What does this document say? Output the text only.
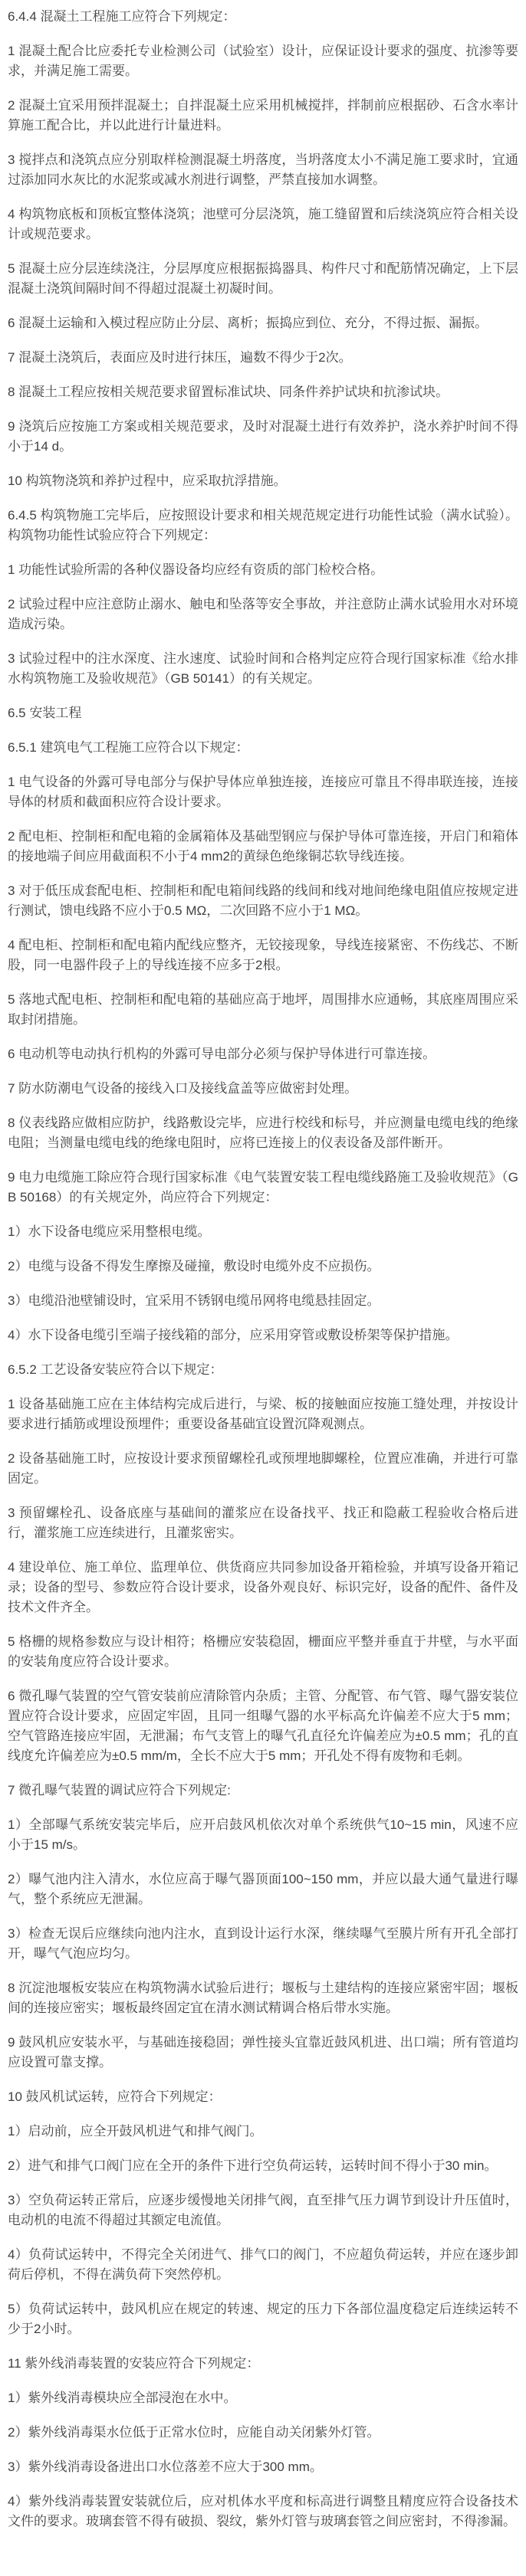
6.4.4 混凝土工程施工应符合下列规定：

1 混凝土配合比应委托专业检测公司（试验室）设计，应保证设计要求的强度、抗渗等要求，并满足施工需要。

2 混凝土宜采用预拌混凝土；自拌混凝土应采用机械搅拌，拌制前应根据砂、石含水率计算施工配合比，并以此进行计量进料。

3 搅拌点和浇筑点应分别取样检测混凝土坍落度，当坍落度太小不满足施工要求时，宜通过添加同水灰比的水泥浆或减水剂进行调整，严禁直接加水调整。

4 构筑物底板和顶板宜整体浇筑；池壁可分层浇筑，施工缝留置和后续浇筑应符合相关设计或规范要求。

5 混凝土应分层连续浇注，分层厚度应根据振捣器具、构件尺寸和配筋情况确定，上下层混凝土浇筑间隔时间不得超过混凝土初凝时间。

6 混凝土运输和入模过程应防止分层、离析；振捣应到位、充分，不得过振、漏振。

7 混凝土浇筑后，表面应及时进行抹压，遍数不得少于2次。

8 混凝土工程应按相关规范要求留置标准试块、同条件养护试块和抗渗试块。

9 浇筑后应按施工方案或相关规范要求，及时对混凝土进行有效养护，浇水养护时间不得小于14 d。

10 构筑物浇筑和养护过程中，应采取抗浮措施。

6.4.5 构筑物施工完毕后，应按照设计要求和相关规范规定进行功能性试验（满水试验）。构筑物功能性试验应符合下列规定：

1 功能性试验所需的各种仪器设备均应经有资质的部门检校合格。

2 试验过程中应注意防止溺水、触电和坠落等安全事故，并注意防止满水试验用水对环境造成污染。

3 试验过程中的注水深度、注水速度、试验时间和合格判定应符合现行国家标准《给水排水构筑物施工及验收规范》（GB 50141）的有关规定。

6.5 安装工程

6.5.1 建筑电气工程施工应符合以下规定：

1 电气设备的外露可导电部分与保护导体应单独连接，连接应可靠且不得串联连接，连接导体的材质和截面积应符合设计要求。

2 配电柜、控制柜和配电箱的金属箱体及基础型钢应与保护导体可靠连接，开启门和箱体的接地端子间应用截面积不小于4 mm2的黄绿色绝缘铜芯软导线连接。

3 对于低压成套配电柜、控制柜和配电箱间线路的线间和线对地间绝缘电阻值应按规定进行测试，馈电线路不应小于0.5 MΩ，二次回路不应小于1 MΩ。

4 配电柜、控制柜和配电箱内配线应整齐，无铰接现象，导线连接紧密、不伤线芯、不断股，同一电器件段子上的导线连接不应多于2根。

5 落地式配电柜、控制柜和配电箱的基础应高于地坪，周围排水应通畅，其底座周围应采取封闭措施。

6 电动机等电动执行机构的外露可导电部分必须与保护导体进行可靠连接。

7 防水防潮电气设备的接线入口及接线盒盖等应做密封处理。

8 仪表线路应做相应防护，线路敷设完毕，应进行校线和标号，并应测量电缆电线的绝缘电阻；当测量电缆电线的绝缘电阻时，应将已连接上的仪表设备及部件断开。

9 电力电缆施工除应符合现行国家标准《电气装置安装工程电缆线路施工及验收规范》（GB 50168）的有关规定外，尚应符合下列规定：

1）水下设备电缆应采用整根电缆。

2）电缆与设备不得发生摩擦及碰撞，敷设时电缆外皮不应损伤。

3）电缆沿池壁铺设时，宜采用不锈钢电缆吊网将电缆悬挂固定。

4）水下设备电缆引至端子接线箱的部分，应采用穿管或敷设桥架等保护措施。

6.5.2 工艺设备安装应符合以下规定：

1 设备基础施工应在主体结构完成后进行，与梁、板的接触面应按施工缝处理，并按设计要求进行插筋或埋设预埋件；重要设备基础宜设置沉降观测点。

2 设备基础施工时，应按设计要求预留螺栓孔或预埋地脚螺栓，位置应准确，并进行可靠固定。

3 预留螺栓孔、设备底座与基础间的灌浆应在设备找平、找正和隐蔽工程验收合格后进行，灌浆施工应连续进行，且灌浆密实。

4 建设单位、施工单位、监理单位、供货商应共同参加设备开箱检验，并填写设备开箱记录；设备的型号、参数应符合设计要求，设备外观良好、标识完好，设备的配件、备件及技术文件齐全。

5 格栅的规格参数应与设计相符；格栅应安装稳固，栅面应平整并垂直于井壁，与水平面的安装角度应符合设计要求。

6 微孔曝气装置的空气管安装前应清除管内杂质；主管、分配管、布气管、曝气器安装位置应符合设计要求，应固定牢固，且同一组曝气器的水平标高允许偏差不应大于5 mm；空气管路连接应牢固，无泄漏；布气支管上的曝气孔直径允许偏差应为±0.5 mm；孔的直线度允许偏差应为±0.5 mm/m，全长不应大于5 mm；开孔处不得有废物和毛刺。

7 微孔曝气装置的调试应符合下列规定:

1）全部曝气系统安装完毕后，应开启鼓风机依次对单个系统供气10~15 min，风速不应小于15 m/s。

2）曝气池内注入清水，水位应高于曝气器顶面100~150 mm，并应以最大通气量进行曝气，整个系统应无泄漏。

3）检查无误后应继续向池内注水，直到设计运行水深，继续曝气至膜片所有开孔全部打开，曝气气泡应均匀。

8 沉淀池堰板安装应在构筑物满水试验后进行；堰板与土建结构的连接应紧密牢固；堰板间的连接应密实；堰板最终固定宜在清水测试精调合格后带水实施。

9 鼓风机应安装水平，与基础连接稳固；弹性接头宜靠近鼓风机进、出口端；所有管道均应设置可靠支撑。

10 鼓风机试运转，应符合下列规定：

1）启动前，应全开鼓风机进气和排气阀门。

2）进气和排气口阀门应在全开的条件下进行空负荷运转，运转时间不得小于30 min。

3）空负荷运转正常后，应逐步缓慢地关闭排气阀，直至排气压力调节到设计升压值时，电动机的电流不得超过其额定电流值。

4）负荷试运转中，不得完全关闭进气、排气口的阀门，不应超负荷运转，并应在逐步卸荷后停机，不得在满负荷下突然停机。

5）负荷试运转中，鼓风机应在规定的转速、规定的压力下各部位温度稳定后连续运转不少于2小时。

11 紫外线消毒装置的安装应符合下列规定：

1）紫外线消毒模块应全部浸泡在水中。

2）紫外线消毒渠水位低于正常水位时，应能自动关闭紫外灯管。

3）紫外线消毒设备进出口水位落差不应大于300 mm。

4）紫外线消毒装置安装就位后，应对机体水平度和标高进行调整且精度应符合设备技术文件的要求。玻璃套管不得有破损、裂纹，紫外灯管与玻璃套管之间应密封，不得渗漏。
